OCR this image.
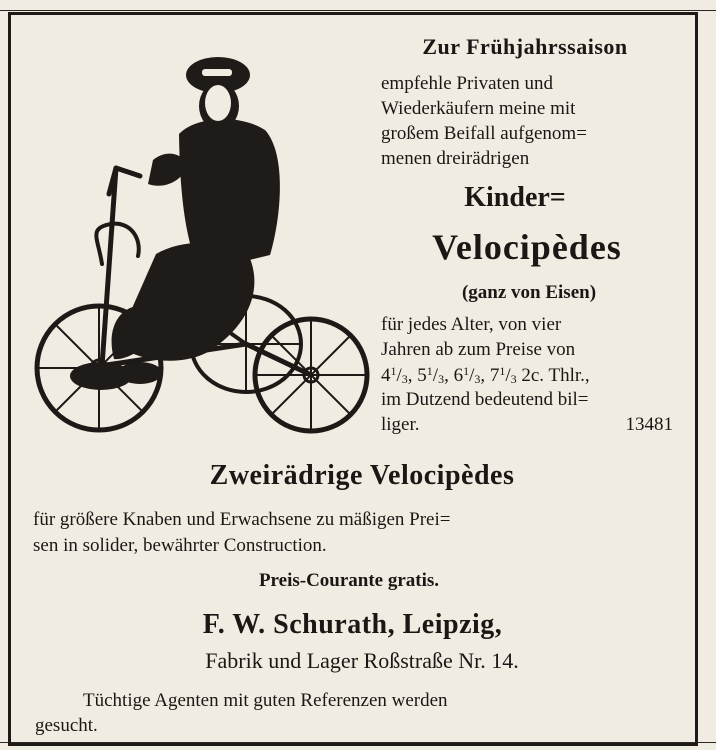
Zur Frühjahrssaison
empfehle Privaten und
Wiederkäufern meine mit
großem Beifall aufgenom=
menen dreirädrigen
Kinder=
Velocipèdes
(ganz von Eisen)
für jedes Alter, von vier
Jahren ab zum Preise von
$4^1/3$, $5^1/3$, $6^1/3$, $7^1/3$ 2c. Thlr.,
im Dutzend bedeutend bil=
liger.	13481
Zweirädrige Velocipèdes
für größere Knaben und Erwachsene zu mäßigen Prei=
sen in solider, bewährter Construction.
Preis-Courante gratis.
F. W. Schurath, Leipzig,
Fabrik und Lager Roßstraße Nr. 14.
Tüchtige Agenten mit guten Referenzen werden
gesucht.
